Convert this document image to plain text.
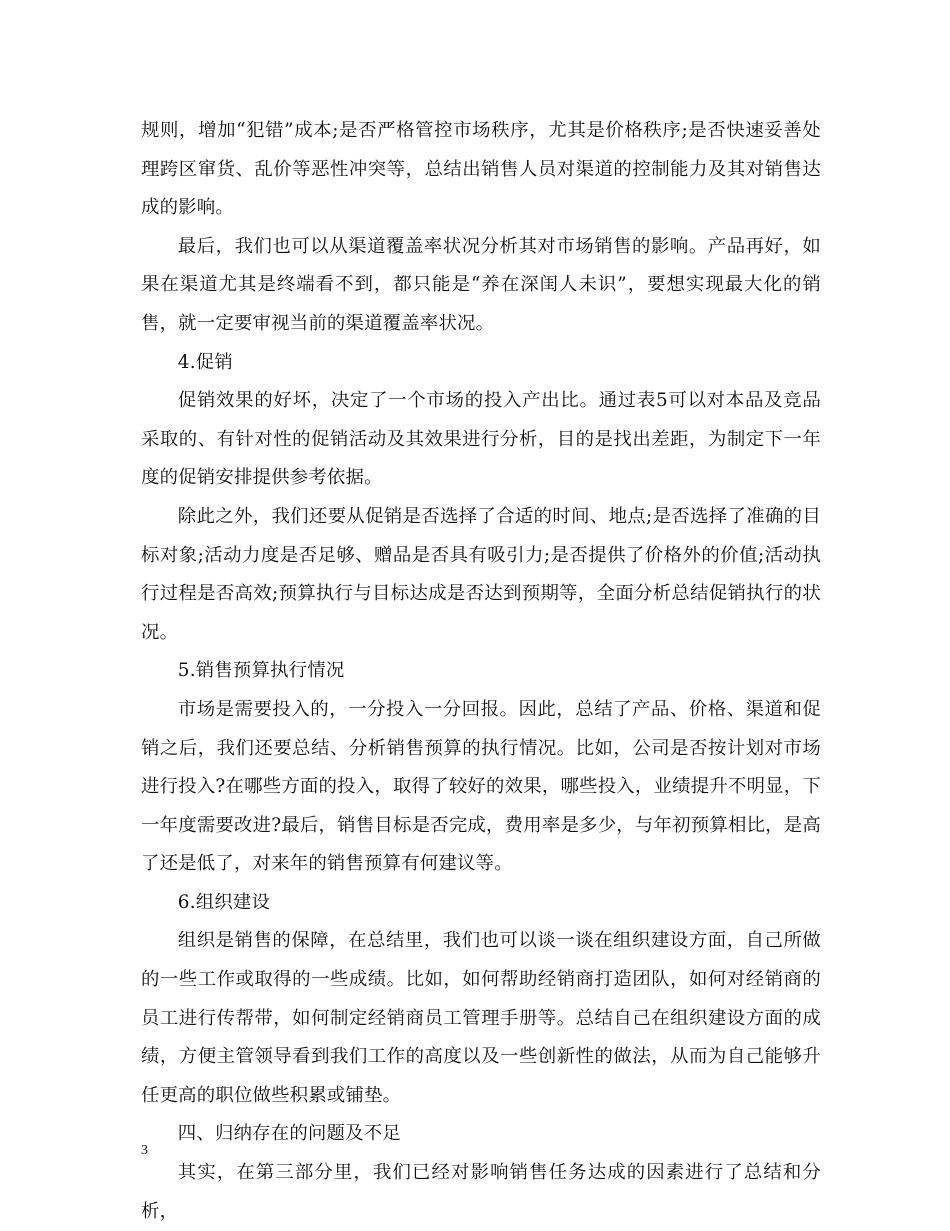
规则，增加“犯错”成本;是否严格管控市场秩序，尤其是价格秩序;是否快速妥善处理跨区窜货、乱价等恶性冲突等，总结出销售人员对渠道的控制能力及其对销售达成的影响。

最后，我们也可以从渠道覆盖率状况分析其对市场销售的影响。产品再好，如果在渠道尤其是终端看不到，都只能是“养在深闺人未识”，要想实现最大化的销售，就一定要审视当前的渠道覆盖率状况。

4.促销

促销效果的好坏，决定了一个市场的投入产出比。通过表5可以对本品及竞品采取的、有针对性的促销活动及其效果进行分析，目的是找出差距，为制定下一年度的促销安排提供参考依据。

除此之外，我们还要从促销是否选择了合适的时间、地点;是否选择了准确的目标对象;活动力度是否足够、赠品是否具有吸引力;是否提供了价格外的价值;活动执行过程是否高效;预算执行与目标达成是否达到预期等，全面分析总结促销执行的状况。

5.销售预算执行情况

市场是需要投入的，一分投入一分回报。因此，总结了产品、价格、渠道和促销之后，我们还要总结、分析销售预算的执行情况。比如，公司是否按计划对市场进行投入?在哪些方面的投入，取得了较好的效果，哪些投入，业绩提升不明显，下一年度需要改进?最后，销售目标是否完成，费用率是多少，与年初预算相比，是高了还是低了，对来年的销售预算有何建议等。

6.组织建设

组织是销售的保障，在总结里，我们也可以谈一谈在组织建设方面，自己所做的一些工作或取得的一些成绩。比如，如何帮助经销商打造团队，如何对经销商的员工进行传帮带，如何制定经销商员工管理手册等。总结自己在组织建设方面的成绩，方便主管领导看到我们工作的高度以及一些创新性的做法，从而为自己能够升任更高的职位做些积累或铺垫。

四、归纳存在的问题及不足

其实，在第三部分里，我们已经对影响销售任务达成的因素进行了总结和分析，

3
